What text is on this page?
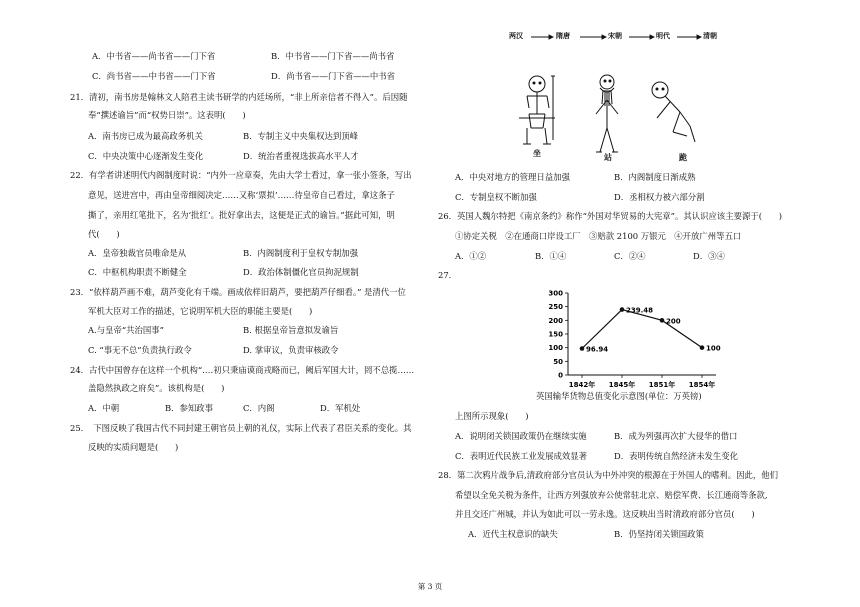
A．中书省——尚书省——门下省	B．中书省——门下省——尚书省
C．尚书省——中书省——门下省	D．尚书省——门下省——中书省
21．清初，南书房是翰林文人陪君主读书研学的内廷场所，“非上所亲信者不得入”。后因随
奉“撰述谕旨”而“权势日崇”。这表明(　　)
A．南书房已成为最高政务机关	B．专制主义中央集权达到顶峰
C．中央决策中心逐渐发生变化	D．统治者重视选拔高水平人才
22．有学者讲述明代内阁制度时说：“内外一应章奏，先由大学士看过，拿一张小签条，写出
意见，送进宫中，再由皇帝细阅决定……又称‘票拟’……待皇帝自己看过，拿这条子
撕了，亲用红笔批下，名为‘批红’。批好拿出去，这便是正式的谕旨。”据此可知，明
代(　　)
A．皇帝独裁官员唯命是从	B．内阁制度利于皇权专制加强
C．中枢机构职责不断健全	D．政治体制僵化官员拘泥规制
23．“依样葫芦画不难，葫芦变化有千端。画成依样旧葫芦，要把葫芦仔细看。” 是清代一位
军机大臣对工作的描述，它说明军机大臣的职能主要是(　　)
A.与皇帝“共治国事”	B. 根据皇帝旨意拟发谕旨
C. “事无不总”负责执行政令	D. 掌审议，负责审核政令
24．古代中国曾存在这样一个机构“.…初只秉庙谟商戎略而已，阙后军国大计，罔不总揽……
盖隐然执政之府矣”。该机构是(　　)
A．中朝	B．参知政事	C．内阁	D．军机处
25．　下图反映了我国古代不同封建王朝官员上朝的礼仪，实际上代表了君臣关系的变化。其
反映的实质问题是(　　)
两汉	隋唐	宋朝	明代	清朝
坐	站	跪
A．中央对地方的管理日益加强	B．内阁制度日渐成熟
C．专制皇权不断加强	D．丞相权力被六部分割
26．英国人魏尔特把《南京条约》称作“外国对华贸易的大宪章”。其认识应该主要源于(　　)
①协定关税　②在通商口岸设工厂　③赔款 2100 万银元　④开放广州等五口
A．①②	B．①④	C．②④	D．③④
27．
0
50
100
150
200
250
300
1842年 1845年 1851年 1854年
96.94
239.48
200
100
英国输华货物总值变化示意图(单位：万英镑)
上图所示现象(　　)
A．说明闭关锁国政策仍在继续实施	B．成为列强再次扩大侵华的借口
C．表明近代民族工业发展成效显著	D．表明传统自然经济未发生变化
28．第二次鸦片战争后,清政府部分官员认为中外冲突的根源在于外国人的嗜利。因此，他们
希望以全免关税为条件，让西方列强放弃公使常驻北京、赔偿军费、长江通商等条款,
并且交还广州城，并认为如此可以一劳永逸。这反映出当时清政府部分官员(　　)
A．近代主权意识的缺失	B．仍坚持闭关锁国政策
第 3 页
